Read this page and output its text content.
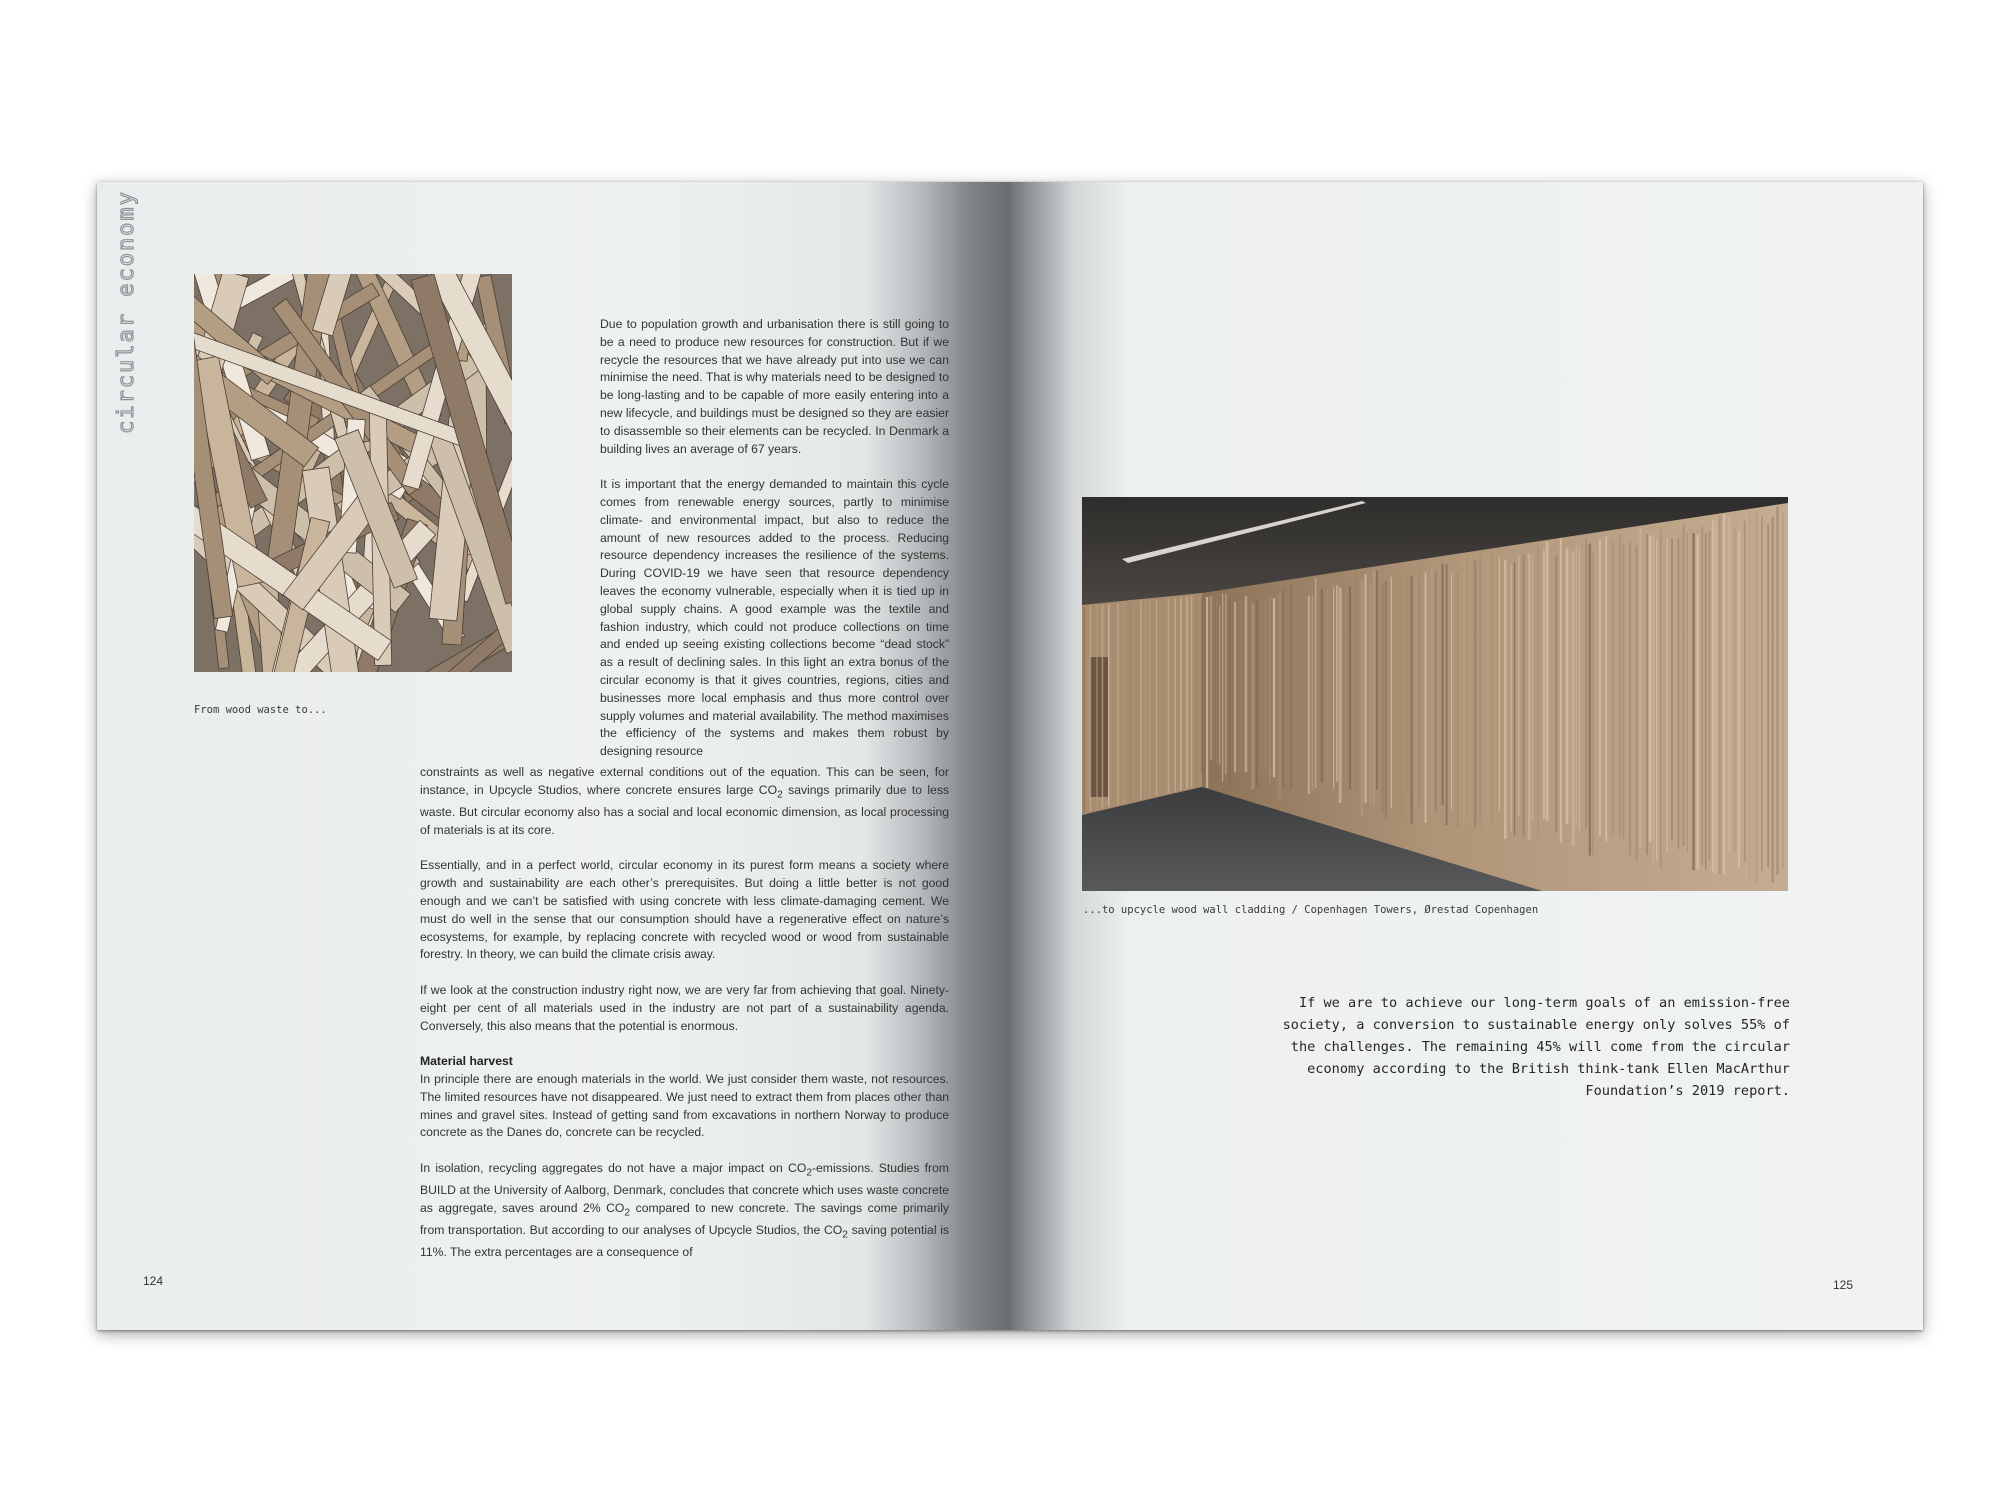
circular economy
From wood waste to...

Due to population growth and urbanisation there is still going to be a need to produce new resources for construction. But if we recycle the resources that we have already put into use we can minimise the need. That is why materials need to be designed to be long-lasting and to be capable of more easily entering into a new lifecycle, and buildings must be designed so they are easier to disassemble so their elements can be recycled. In Denmark a building lives an average of 67 years.

It is important that the energy demanded to maintain this cycle comes from renewable energy sources, partly to minimise climate- and environmental impact, but also to reduce the amount of new resources added to the process. Reducing resource dependency increases the resilience of the systems. During COVID-19 we have seen that resource dependency leaves the economy vulnerable, especially when it is tied up in global supply chains. A good example was the textile and fashion industry, which could not produce collections on time and ended up seeing existing collections become “dead stock” as a result of declining sales. In this light an extra bonus of the circular economy is that it gives countries, regions, cities and businesses more local emphasis and thus more control over supply volumes and material availability. The method maximises the efficiency of the systems and makes them robust by designing resource

constraints as well as negative external conditions out of the equation. This can be seen, for instance, in Upcycle Studios, where concrete ensures large $CO_2$ savings primarily due to less waste. But circular economy also has a social and local economic dimension, as local processing of materials is at its core.

Essentially, and in a perfect world, circular economy in its purest form means a society where growth and sustainability are each other’s prerequisites. But doing a little better is not good enough and we can’t be satisfied with using concrete with less climate-damaging cement. We must do well in the sense that our consumption should have a regenerative effect on nature’s ecosystems, for example, by replacing concrete with recycled wood or wood from sustainable forestry. In theory, we can build the climate crisis away.

If we look at the construction industry right now, we are very far from achieving that goal. Ninety-eight per cent of all materials used in the industry are not part of a sustainability agenda. Conversely, this also means that the potential is enormous.

Material harvest

In principle there are enough materials in the world. We just consider them waste, not resources. The limited resources have not disappeared. We just need to extract them from places other than mines and gravel sites. Instead of getting sand from excavations in northern Norway to produce concrete as the Danes do, concrete can be recycled.

In isolation, recycling aggregates do not have a major impact on $CO_2$-emissions. Studies from BUILD at the University of Aalborg, Denmark, concludes that concrete which uses waste concrete as aggregate, saves around 2% $CO_2$ compared to new concrete. The savings come primarily from transportation. But according to our analyses of Upcycle Studios, the $CO_2$ saving potential is 11%. The extra percentages are a consequence of

124
...to upcycle wood wall cladding / Copenhagen Towers, Ørestad Copenhagen
If we are to achieve our long-term goals of an emission-free society, a conversion to sustainable energy only solves 55% of the challenges. The remaining 45% will come from the circular economy according to the British think-tank Ellen MacArthur Foundation’s 2019 report.
125
